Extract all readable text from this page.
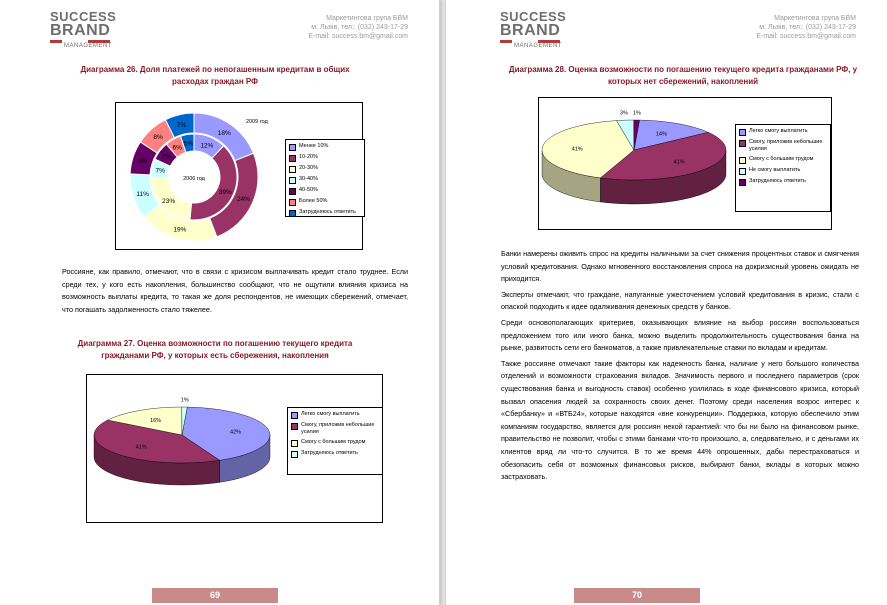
SUCCESS
BRAND
MANAGEMENT
Маркетинговa група БВМ
м. Львів, тел.: (032) 243-17-29
E-mail: success.bm@gmail.com
Диаграмма 26. Доля платежей по непогашенным кредитам в общих расходах граждан РФ
18%
24%
19%
11%
8%
8%
7%
12%
39%
23%
7%
7%
6%
5%
2009 год
2006 год
Менее 10%
10-20%
20-30%
30-40%
40-50%
Более 50%
Затрудняюсь ответить
Россияне, как правило, отмечают, что в связи с кризисом выплачивать кредит стало труднее. Если среди тех, у кого есть накопления, большинство сообщают, что не ощутили влияния кризиса на возможность выплаты кредита, то такая же доля респондентов, не имеющих сбережений, отмечает, что погашать задолженность стало тяжелее.
Диаграмма 27. Оценка возможности по погашению текущего кредита гражданами РФ, у которых есть сбережения, накопления
42%
41%
16%
1%
Легко смогу выплатить
Смогу, приложив небольшие усилия
Смогу с большим трудом
Затрудняюсь ответить
69
SUCCESS
BRAND
MANAGEMENT
Маркетинговa група БВМ
м. Львів, тел.: (032) 243-17-29
E-mail: success.bm@gmail.com
Диаграмма 28. Оценка возможности по погашению текущего кредита гражданами РФ, у которых нет сбережений, накоплений
14%
41%
41%
3% 1%
Легко смогу выплатить
Смогу, приложив небольшие усилия
Смогу с большим трудом
Не смогу выплатить
Затрудняюсь ответить

Банки намерены оживить спрос на кредиты наличными за счет снижения процентных ставок и смягчения условий кредитования. Однако мгновенного восстановления спроса на докризисный уровень ожидать не приходится.

Эксперты отмечают, что граждане, напуганные ужесточением условий кредитования в кризис, стали с опаской подходить к идее одалживания денежных средств у банков.

Среди основополагающих критериев, оказывающих влияние на выбор россиян воспользоваться предложением того или иного банка, можно выделить продолжительность существования банка на рынке, развитость сети его банкоматов, а также привлекательные ставки по вкладам и кредитам.

Также россияне отмечают такие факторы как надежность банка, наличие у него большого количества отделений и возможности страхования вкладов. Значимость первого и последнего параметров (срок существования банка и выгодность ставок) особенно усилилась в ходе финансового кризиса, который вызвал опасения людей за сохранность своих денег. Поэтому среди населения возрос интерес к «Сбербанку» и «ВТБ24», которые находятся «вне конкуренции». Поддержка, которую обеспечило этим компаниям государство, является для россиян некой гарантией: что бы ни было на финансовом рынке, правительство не позволит, чтобы с этими банками что-то произошло, а, следовательно, и с деньгами их клиентов вряд ли что-то случится. В то же время 44% опрошенных, дабы перестраховаться и обезопасить себя от возможных финансовых рисков, выбирают банки, вклады в которых можно застраховать.

70
